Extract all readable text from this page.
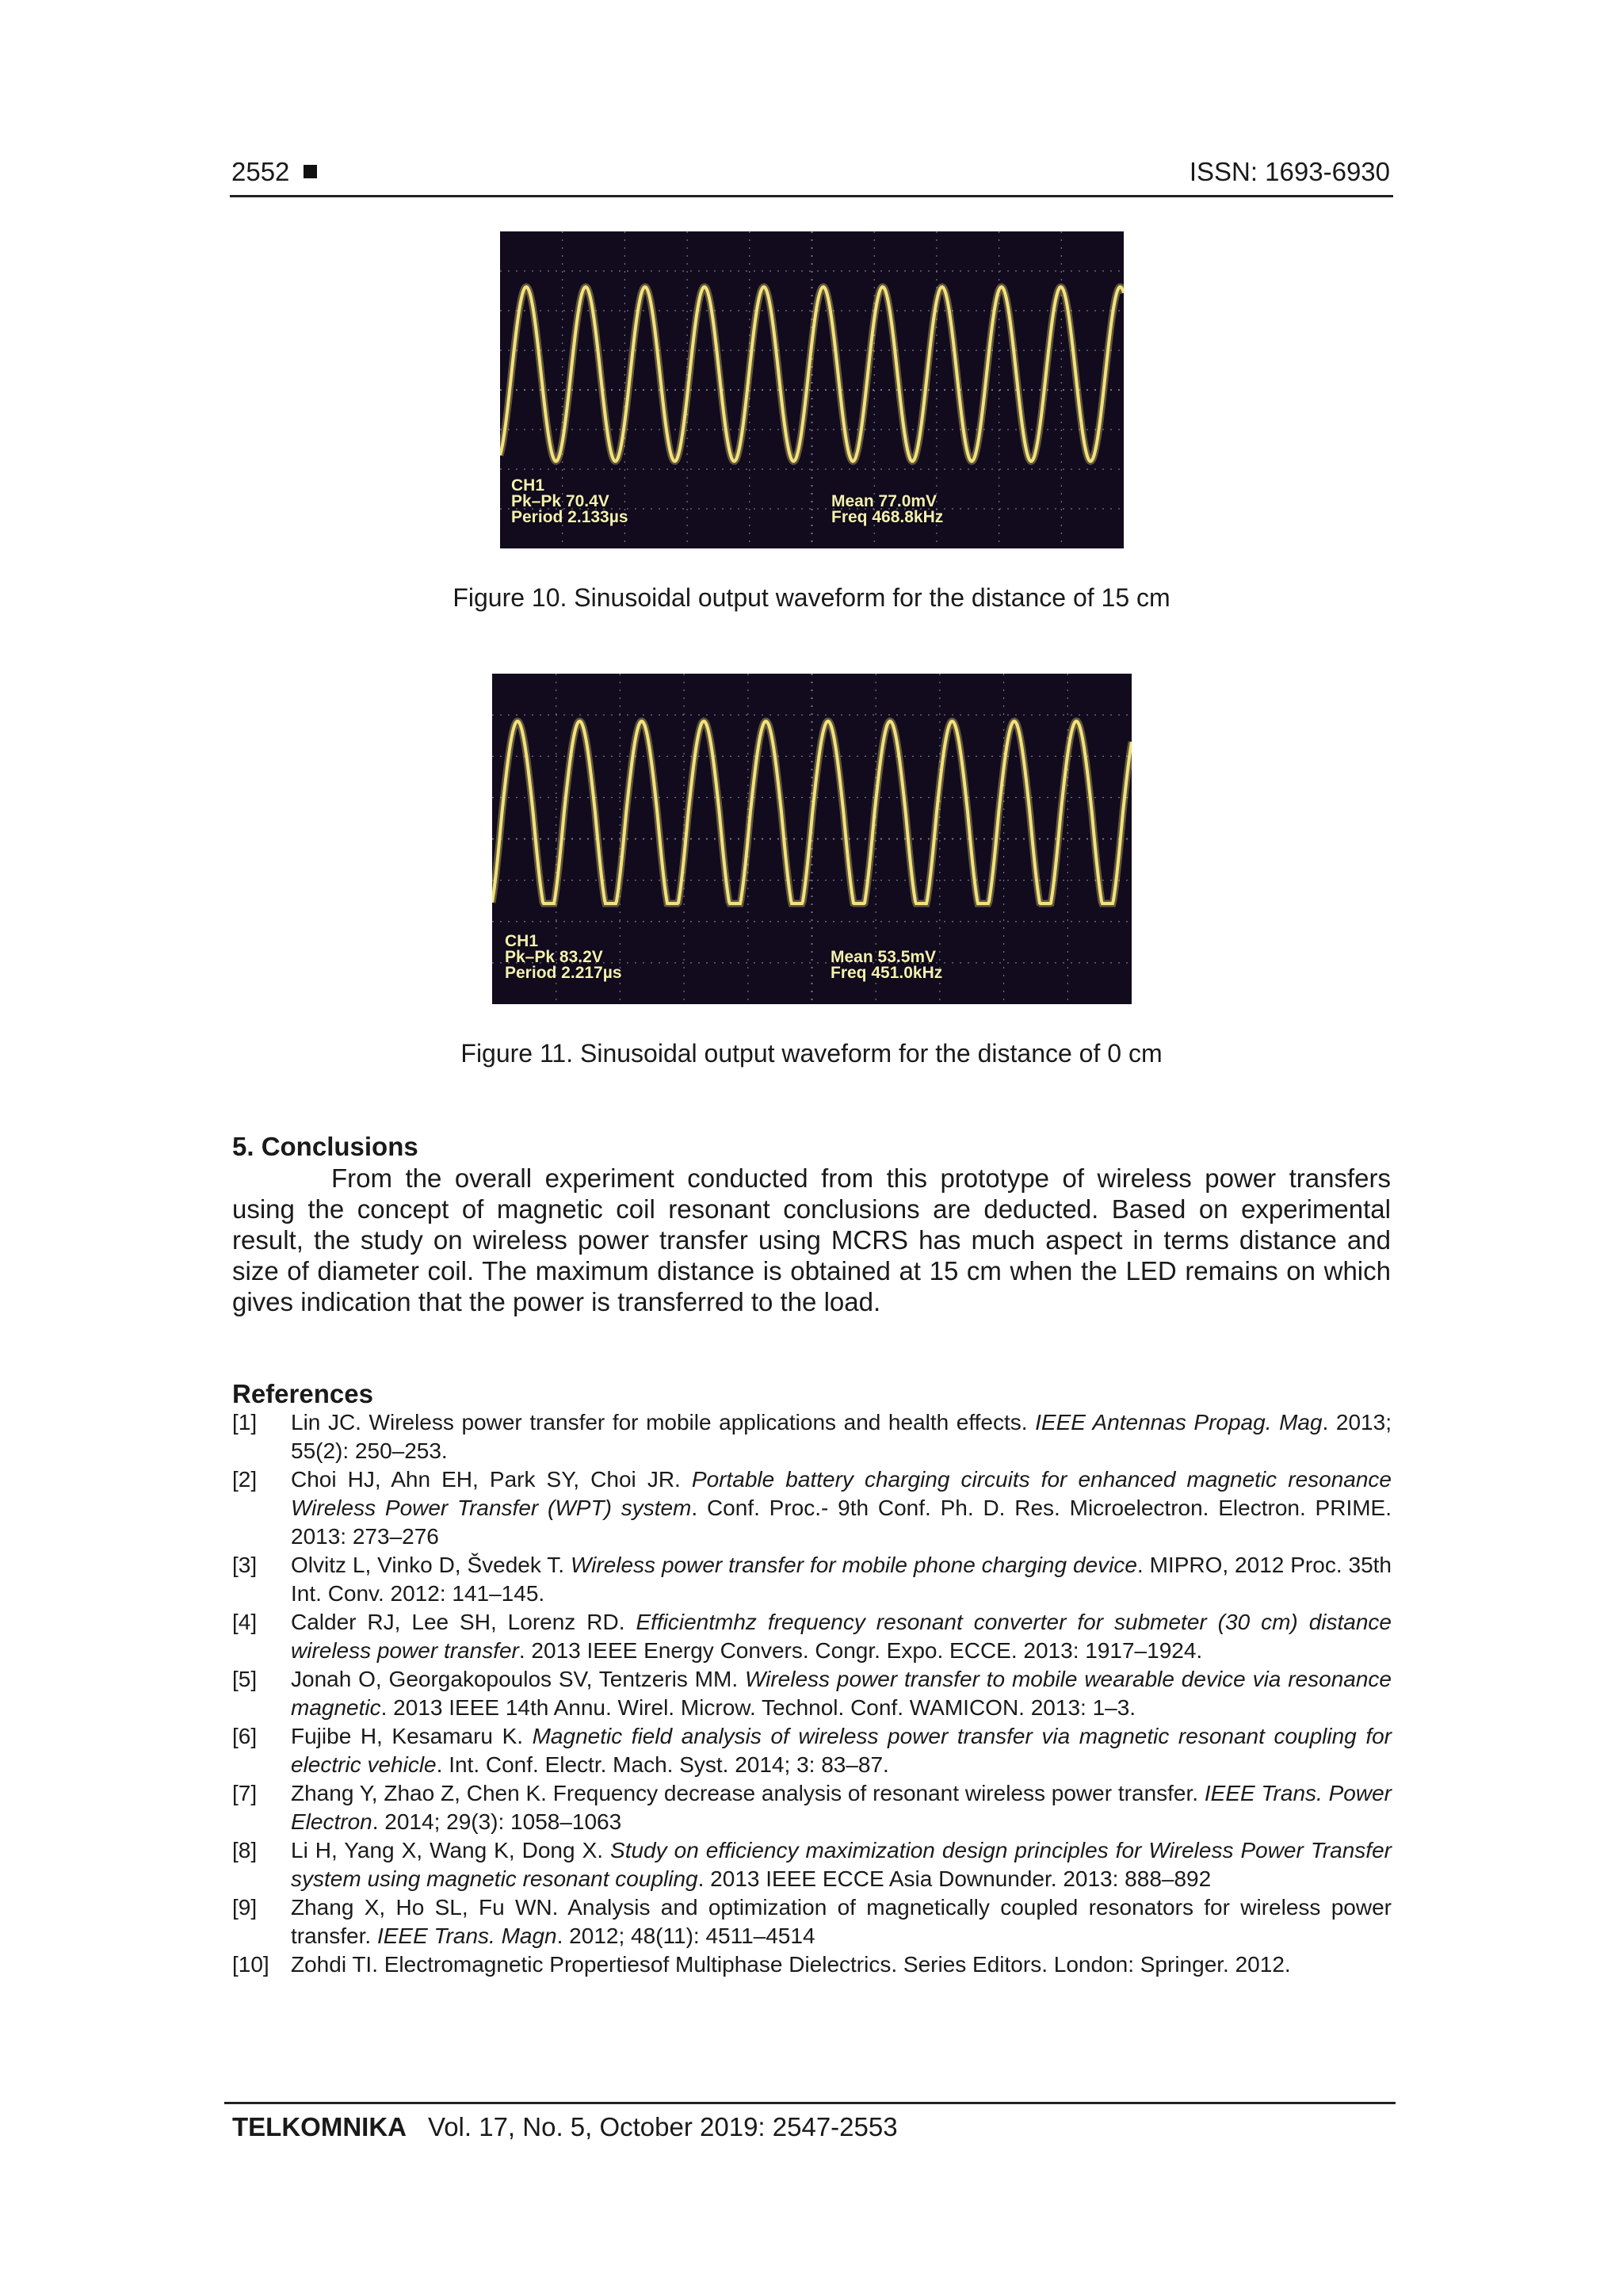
2552	ISSN: 1693-6930
CH1
Pk–Pk 70.4V
Period 2.133µs
Mean 77.0mV
Freq 468.8kHz
Figure 10. Sinusoidal output waveform for the distance of 15 cm
CH1
Pk–Pk 83.2V
Period 2.217µs
Mean 53.5mV
Freq 451.0kHz
Figure 11. Sinusoidal output waveform for the distance of 0 cm
5. Conclusions

From the overall experiment conducted from this prototype of wireless power transfers using the concept of magnetic coil resonant conclusions are deducted. Based on experimental result, the study on wireless power transfer using MCRS has much aspect in terms distance and size of diameter coil. The maximum distance is obtained at 15 cm when the LED remains on which gives indication that the power is transferred to the load.

References
[1] Lin JC. Wireless power transfer for mobile applications and health effects. IEEE Antennas Propag. Mag. 2013; 55(2): 250–253.
[2] Choi HJ, Ahn EH, Park SY, Choi JR. Portable battery charging circuits for enhanced magnetic resonance Wireless Power Transfer (WPT) system. Conf. Proc.- 9th Conf. Ph. D. Res. Microelectron. Electron. PRIME. 2013: 273–276
[3] Olvitz L, Vinko D, Švedek T. Wireless power transfer for mobile phone charging device. MIPRO, 2012 Proc. 35th Int. Conv. 2012: 141–145.
[4] Calder RJ, Lee SH, Lorenz RD. Efficientmhz frequency resonant converter for submeter (30 cm) distance wireless power transfer. 2013 IEEE Energy Convers. Congr. Expo. ECCE. 2013: 1917–1924.
[5] Jonah O, Georgakopoulos SV, Tentzeris MM. Wireless power transfer to mobile wearable device via resonance magnetic. 2013 IEEE 14th Annu. Wirel. Microw. Technol. Conf. WAMICON. 2013: 1–3.
[6] Fujibe H, Kesamaru K. Magnetic field analysis of wireless power transfer via magnetic resonant coupling for electric vehicle. Int. Conf. Electr. Mach. Syst. 2014; 3: 83–87.
[7] Zhang Y, Zhao Z, Chen K. Frequency decrease analysis of resonant wireless power transfer. IEEE Trans. Power Electron. 2014; 29(3): 1058–1063
[8] Li H, Yang X, Wang K, Dong X. Study on efficiency maximization design principles for Wireless Power Transfer system using magnetic resonant coupling. 2013 IEEE ECCE Asia Downunder. 2013: 888–892
[9] Zhang X, Ho SL, Fu WN. Analysis and optimization of magnetically coupled resonators for wireless power transfer. IEEE Trans. Magn. 2012; 48(11): 4511–4514
[10] Zohdi TI. Electromagnetic Propertiesof Multiphase Dielectrics. Series Editors. London: Springer. 2012.
TELKOMNIKA Vol. 17, No. 5, October 2019: 2547-2553
